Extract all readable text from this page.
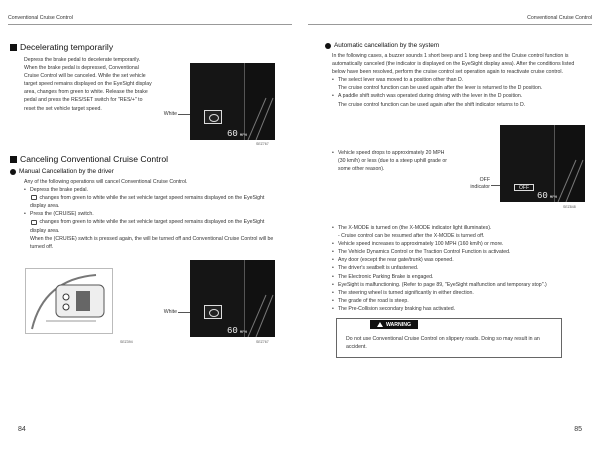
Conventional Cruise Control
Decelerating temporarily

Depress the brake pedal to decelerate temporarily. When the brake pedal is depressed, Conventional Cruise Control will be canceled. While the set vehicle target speed remains displayed on the EyeSight display area, changes from green to white. Release the brake pedal and press the RES/SET switch for "RES/+" to reset the set vehicle target speed.

White
60 MPH
SEZ767
Canceling Conventional Cruise Control
Manual Cancellation by the driver

Any of the following operations will cancel Conventional Cruise Control.

• Depress the brake pedal.

changes from green to white while the set vehicle target speed remains displayed on the EyeSight display area.

• Press the (CRUISE) switch.

changes from green to white while the set vehicle target speed remains displayed on the EyeSight display area.

When the (CRUISE) switch is pressed again, the will be turned off and Conventional Cruise Control will be turned off.

SEZ394
White
60 MPH
SEZ767
84
Conventional Cruise Control
Automatic cancellation by the system

In the following cases, a buzzer sounds 1 short beep and 1 long beep and the Cruise control function is automatically canceled (the indicator is displayed on the EyeSight display area). After the conditions listed below have been resolved, perform the cruise control set operation again to reactivate cruise control.

• The select lever was moved to a position other than D.

The cruise control function can be used again after the lever is returned to the D position.

• A paddle shift switch was operated during driving with the lever in the D position.

The cruise control function can be used again after the shift indicator returns to D.

• Vehicle speed drops to approximately 20 MPH (30 km/h) or less (due to a steep uphill grade or some other reason).

OFF indicator	OFF
60 MPH
SEZ848

• The X-MODE is turned on (the X-MODE indicator light illuminates).

- Cruise control can be resumed after the X-MODE is turned off.

• Vehicle speed increases to approximately 100 MPH (160 km/h) or more.

• The Vehicle Dynamics Control or the Traction Control Function is activated.

• Any door (except the rear gate/trunk) was opened.

• The driver's seatbelt is unfastened.

• The Electronic Parking Brake is engaged.

• EyeSight is malfunctioning. (Refer to page 89, "EyeSight malfunction and temporary stop".)

• The steering wheel is turned significantly in either direction.

• The grade of the road is steep.

• The Pre-Collision secondary braking has activated.

85
WARNING
Do not use Conventional Cruise Control on slippery roads. Doing so may result in an accident.
